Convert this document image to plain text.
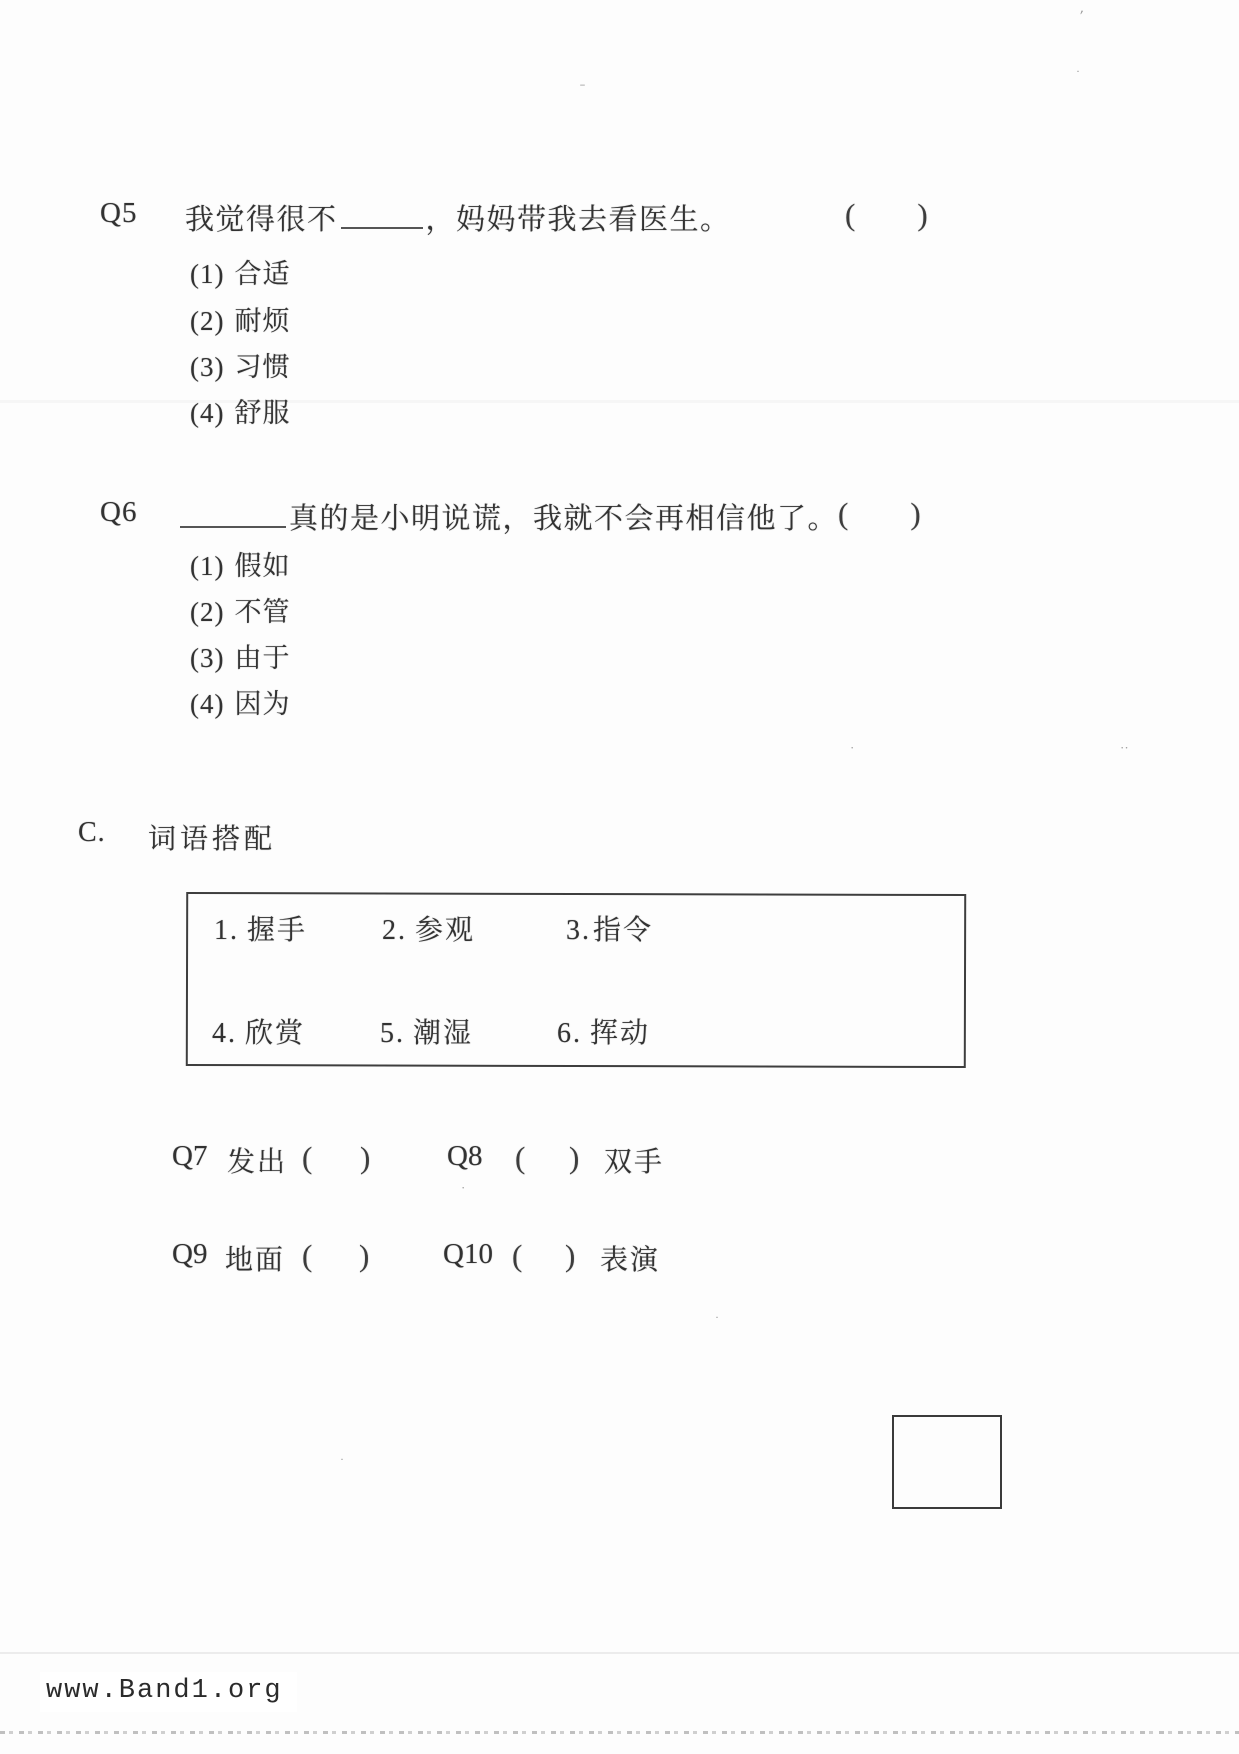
ʹ
·
˗
·	··
·
·
·
Q5 我觉得很不	，妈妈带我去看医生。	( )
(1) 合适
(2) 耐烦
(3) 习惯
(4) 舒服
Q6	真的是小明说谎，我就不会再相信他了。 ( )
(1) 假如
(2) 不管
(3) 由于
(4) 因为
C. 词语搭配
1. 握手	2. 参观	3.指令
4. 欣赏	5. 潮湿	6. 挥动
Q7 发出 ( )	Q8 ( ) 双手
Q9 地面 ( )	Q10 ( ) 表演
www.Band1.org
